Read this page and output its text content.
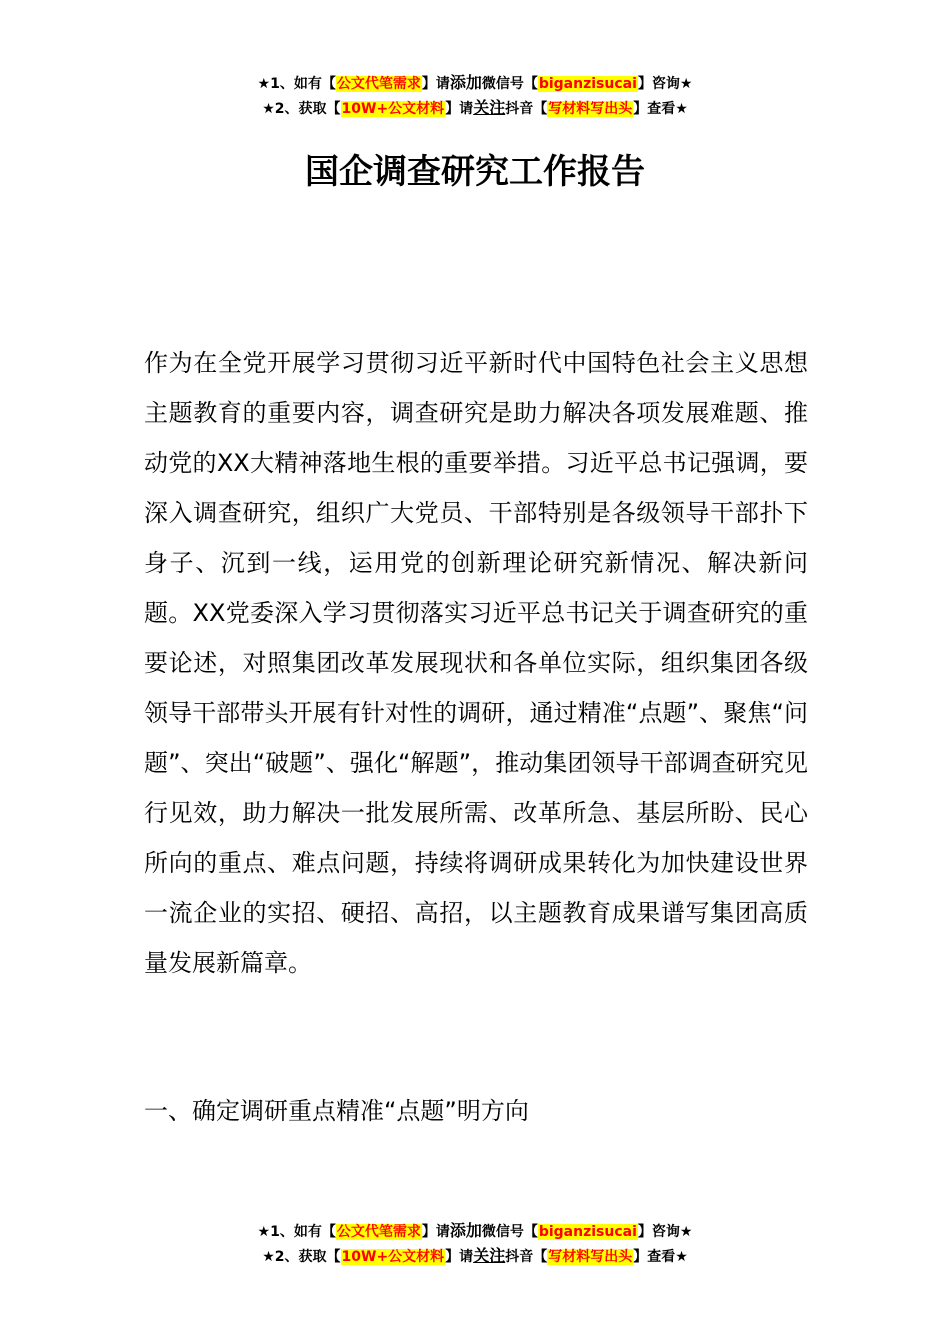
★1、如有【公文代笔需求】请添加微信号【biganzisucai】咨询★
★2、获取【10W+公文材料】请关注抖音【写材料写出头】查看★
国企调查研究工作报告

作为在全党开展学习贯彻习近平新时代中国特色社会主义思想主题教育的重要内容，调查研究是助力解决各项发展难题、推动党的XX大精神落地生根的重要举措。习近平总书记强调，要深入调查研究，组织广大党员、干部特别是各级领导干部扑下身子、沉到一线，运用党的创新理论研究新情况、解决新问题。XX党委深入学习贯彻落实习近平总书记关于调查研究的重要论述，对照集团改革发展现状和各单位实际，组织集团各级领导干部带头开展有针对性的调研，通过精准“点题”、聚焦“问题”、突出“破题”、强化“解题”，推动集团领导干部调查研究见行见效，助力解决一批发展所需、改革所急、基层所盼、民心所向的重点、难点问题，持续将调研成果转化为加快建设世界一流企业的实招、硬招、高招，以主题教育成果谱写集团高质量发展新篇章。

一、确定调研重点精准“点题”明方向

★1、如有【公文代笔需求】请添加微信号【biganzisucai】咨询★
★2、获取【10W+公文材料】请关注抖音【写材料写出头】查看★
